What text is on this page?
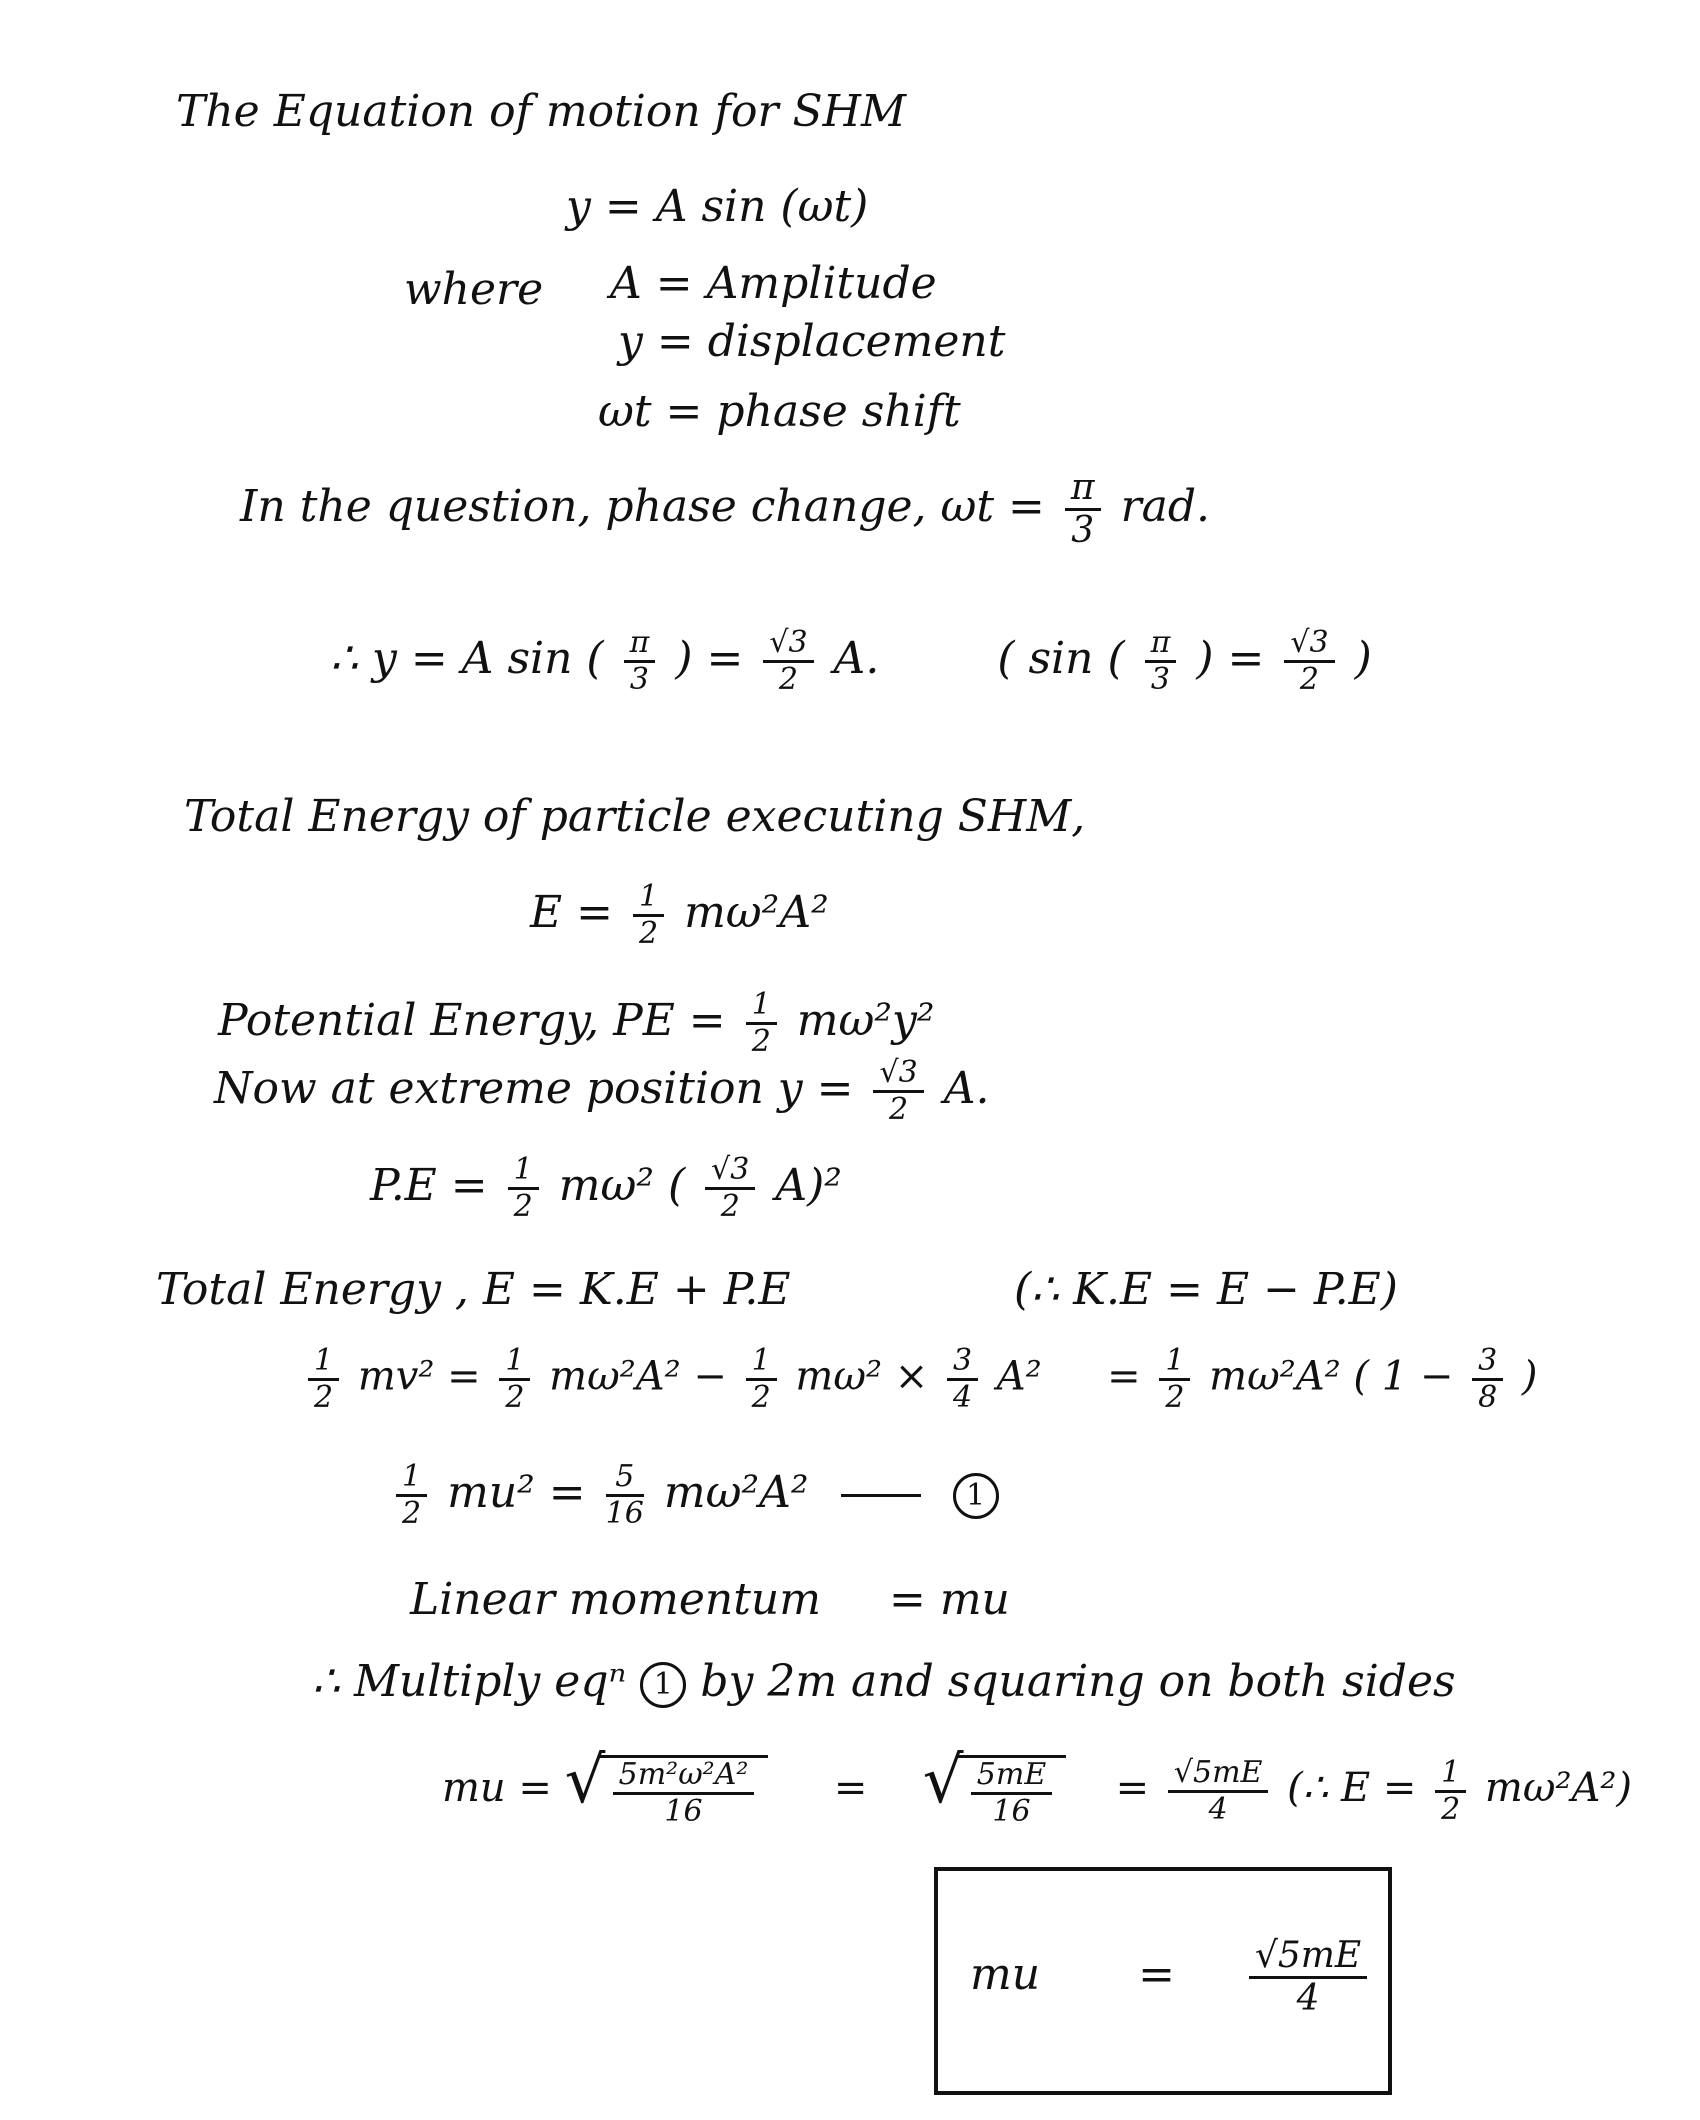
The Equation of motion for SHM
y = A sin (ωt)
where A = Amplitude
y = displacement
ωt = phase shift
In the question, phase change, $\omega t = \frac{\pi}{3}$ rad.
∴ y = A sin ( $\frac{\pi}{3}$ ) = $\frac{√3}{2} A$.	( sin ( $\frac{\pi}{3}$ ) = $\frac{√3}{2}$ )
Total Energy of particle executing SHM,
$E = \frac{1}{2} m\omega^2A^2$
Potential Energy, PE = $\frac{1}{2} m\omega^2y^2$
Now at extreme position $y = \frac{√3}{2} A$.
$P.E = \frac{1}{2} m\omega^2$ ( $\frac{√3}{2} A)^2$
Total Energy , E = K.E + P.E	(∴ K.E = E − P.E)
$\frac{1}{2} mv^2 = \frac{1}{2} m\omega^2A^2 - \frac{1}{2} m\omega^2 \times \frac{3}{4} A^2 = \frac{1}{2} m\omega^2A^2$ ( $1 - \frac{3}{8}$ )
$\frac{1}{2} mu^2 = \frac{5}{16} m\omega^2A^2$	1
Linear momentum = mu
∴ Multiply eqⁿ 1 by 2m and squaring on both sides
mu = √ $\frac{\text{5m²ω²A²}}{16}$ = √ $\frac{5mE}{16} = \frac{√5mE}{4}$ (∴ $E = \frac{1}{2} m\omega^2A^2$)
mu = $\frac{√5mE}{4}$
